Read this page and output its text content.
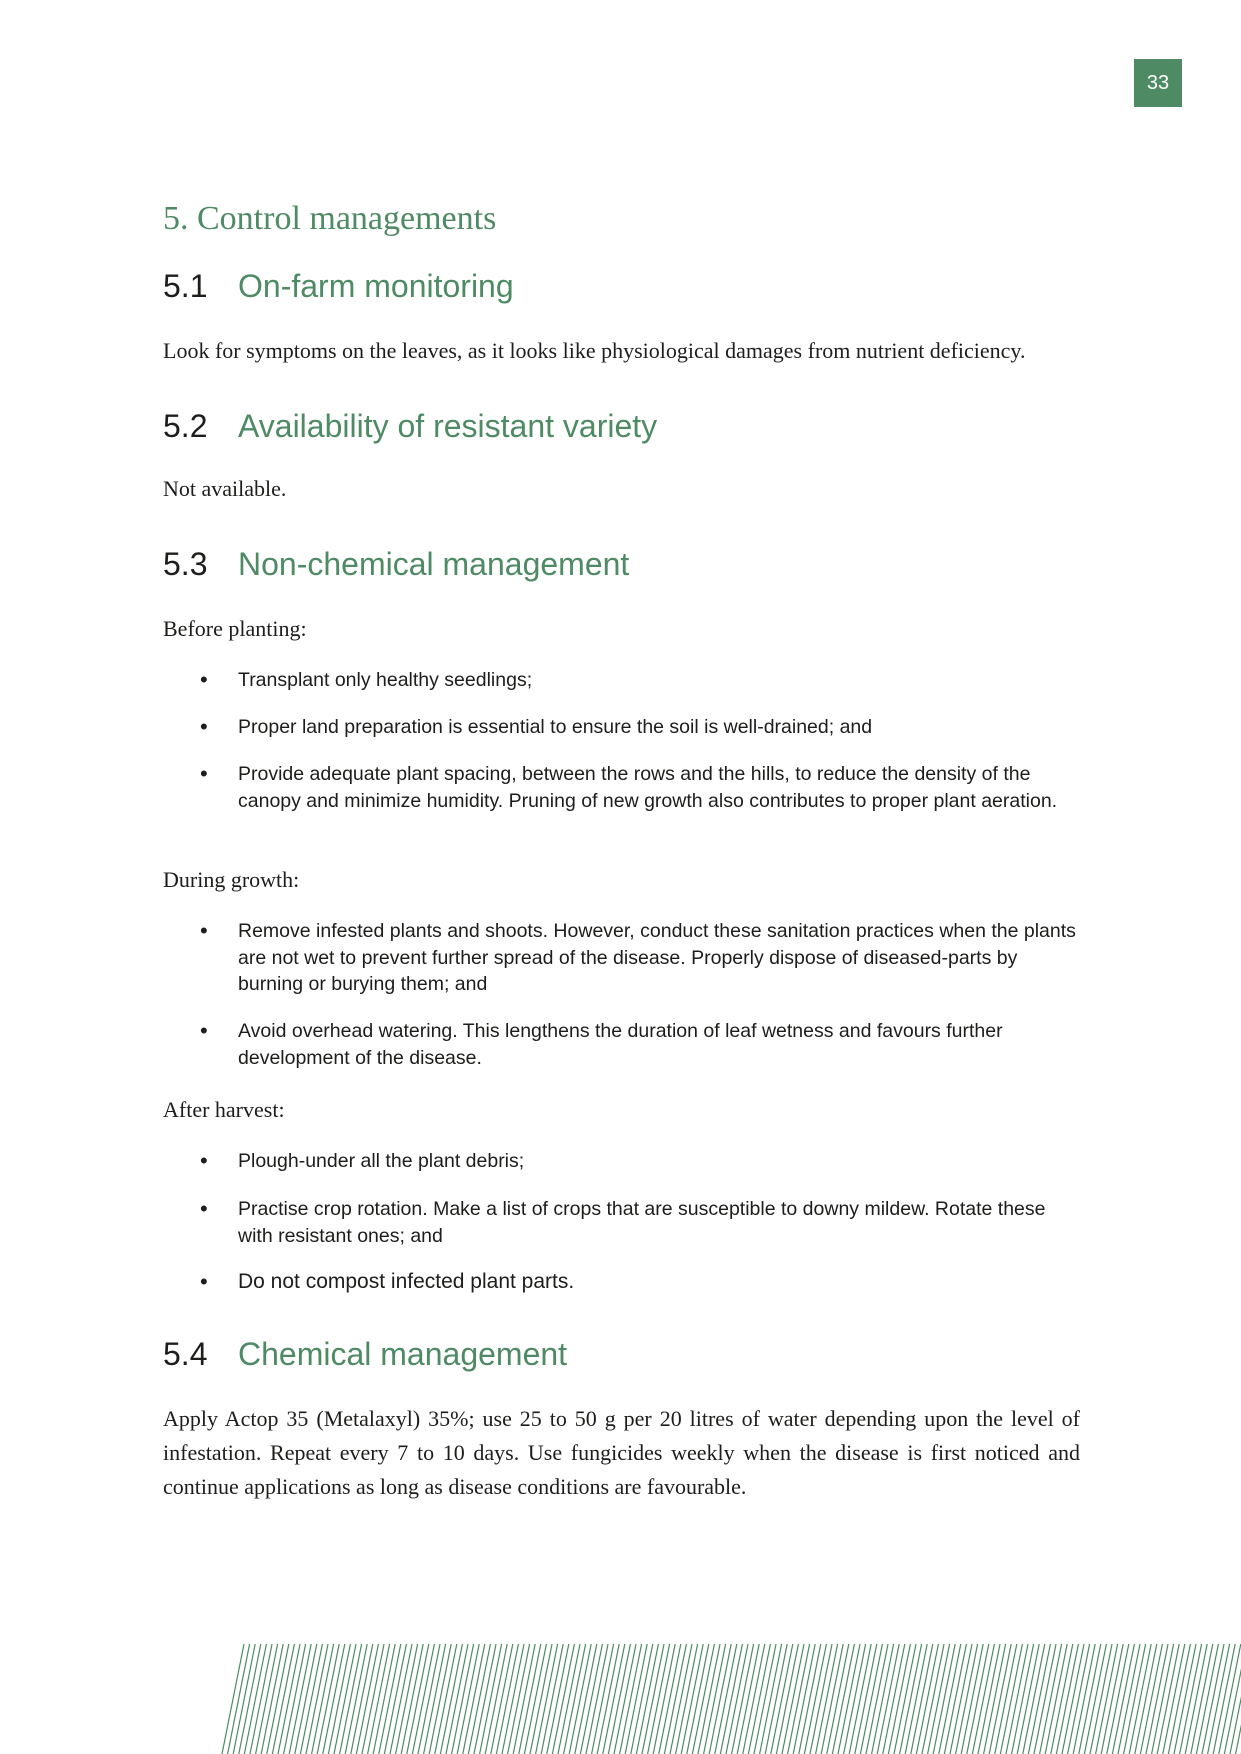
33
5. Control managements
5.1 On-farm monitoring

Look for symptoms on the leaves, as it looks like physiological damages from nutrient deficiency.

5.2 Availability of resistant variety

Not available.

5.3 Non-chemical management

Before planting:

• Transplant only healthy seedlings;
• Proper land preparation is essential to ensure the soil is well-drained; and
• Provide adequate plant spacing, between the rows and the hills, to reduce the density of the canopy and minimize humidity. Pruning of new growth also contributes to proper plant aeration.

During growth:

• Remove infested plants and shoots. However, conduct these sanitation practices when the plants are not wet to prevent further spread of the disease. Properly dispose of diseased-parts by burning or burying them; and
• Avoid overhead watering. This lengthens the duration of leaf wetness and favours further development of the disease.

After harvest:

• Plough-under all the plant debris;
• Practise crop rotation. Make a list of crops that are susceptible to downy mildew. Rotate these with resistant ones; and
• Do not compost infected plant parts.
5.4 Chemical management

Apply Actop 35 (Metalaxyl) 35%; use 25 to 50 g per 20 litres of water depending upon the level of infestation. Repeat every 7 to 10 days. Use fungicides weekly when the disease is first noticed and continue applications as long as disease conditions are favourable.
